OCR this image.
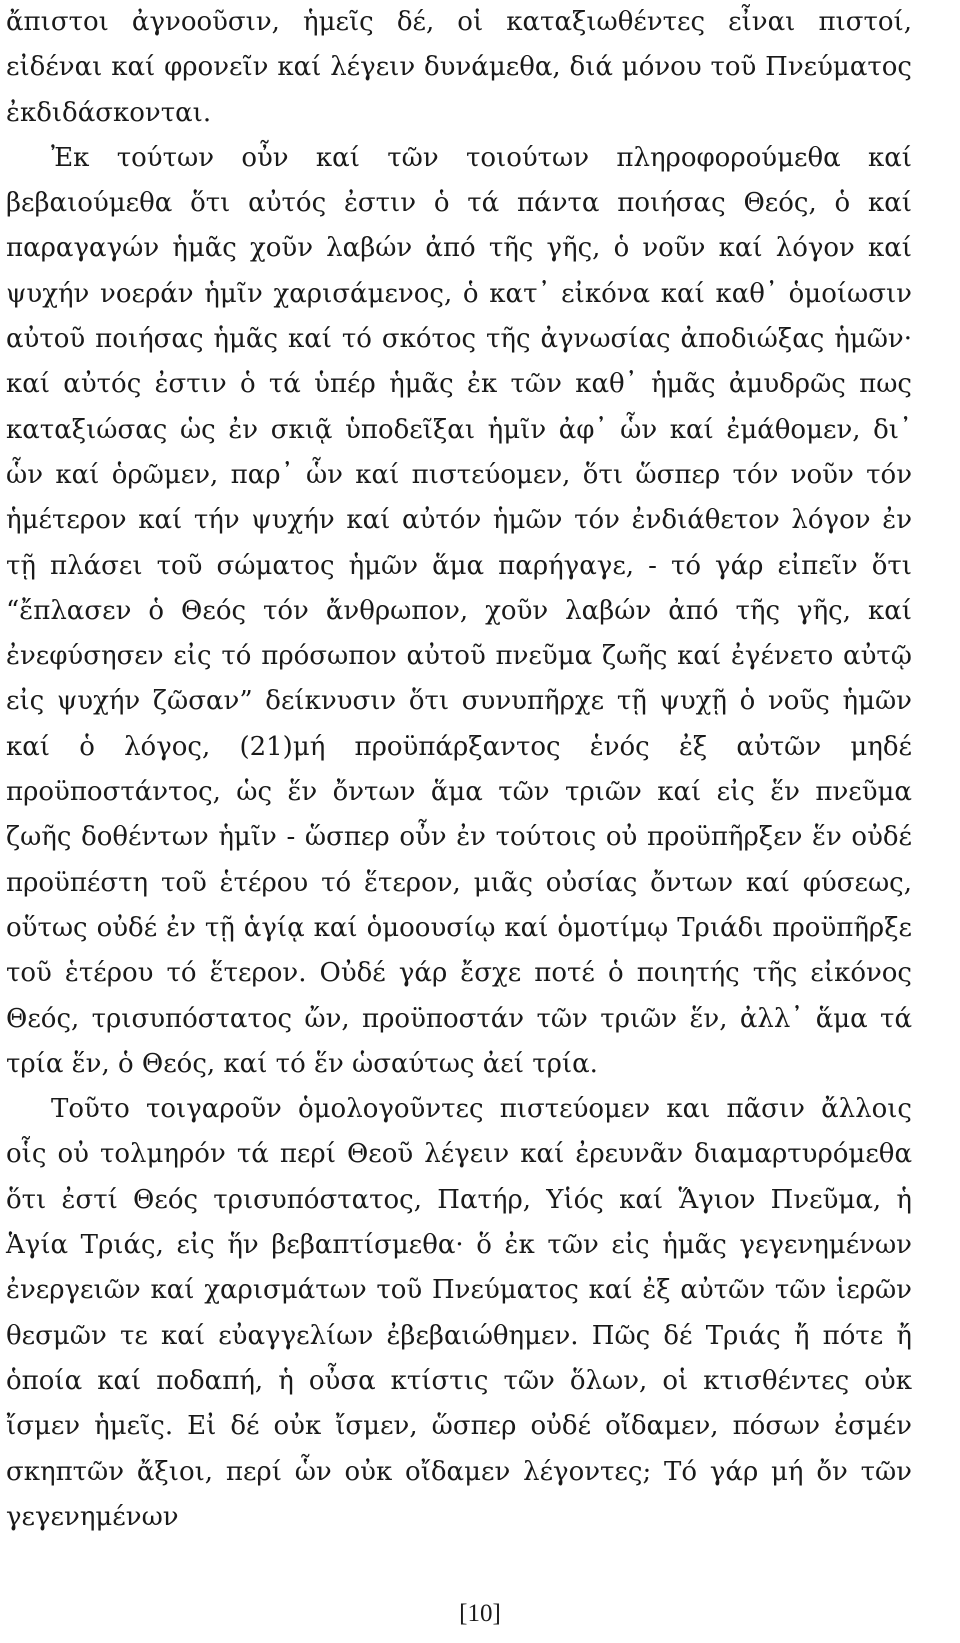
ἄπιστοι ἀγνοοῦσιν, ἡμεῖς δέ, οἱ καταξιωθέντες εἶναι πιστοί, εἰδέναι καί φρονεῖν καί λέγειν δυνάμεθα, διά μόνου τοῦ Πνεύματος ἐκδιδάσκονται.

Ἐκ τούτων οὖν καί τῶν τοιούτων πληροφορούμεθα καί βεβαιούμεθα ὅτι αὐτός ἐστιν ὁ τά πάντα ποιήσας Θεός, ὁ καί παραγαγών ἡμᾶς χοῦν λαβών ἀπό τῆς γῆς, ὁ νοῦν καί λόγον καί ψυχήν νοεράν ἡμῖν χαρισάμενος, ὁ κατ᾽ εἰκόνα καί καθ᾽ ὁμοίωσιν αὐτοῦ ποιήσας ἡμᾶς καί τό σκότος τῆς ἀγνωσίας ἀποδιώξας ἡμῶν· καί αὐτός ἐστιν ὁ τά ὑπέρ ἡμᾶς ἐκ τῶν καθ᾽ ἡμᾶς ἀμυδρῶς πως καταξιώσας ὡς ἐν σκιᾷ ὑποδεῖξαι ἡμῖν ἀφ᾽ ὧν καί ἐμάθομεν, δι᾽ ὧν καί ὁρῶμεν, παρ᾽ ὧν καί πιστεύομεν, ὅτι ὥσπερ τόν νοῦν τόν ἡμέτερον καί τήν ψυχήν καί αὐτόν ἡμῶν τόν ἐνδιάθετον λόγον ἐν τῇ πλάσει τοῦ σώματος ἡμῶν ἅμα παρήγαγε, - τό γάρ εἰπεῖν ὅτι “ἔπλασεν ὁ Θεός τόν ἄνθρωπον, χοῦν λαβών ἀπό τῆς γῆς, καί ἐνεφύσησεν εἰς τό πρόσωπον αὐτοῦ πνεῦμα ζωῆς καί ἐγένετο αὐτῷ εἰς ψυχήν ζῶσαν” δείκνυσιν ὅτι συνυπῆρχε τῇ ψυχῇ ὁ νοῦς ἡμῶν καί ὁ λόγος, (21)μή προϋπάρξαντος ἑνός ἐξ αὐτῶν μηδέ προϋποστάντος, ὡς ἕν ὄντων ἅμα τῶν τριῶν καί εἰς ἕν πνεῦμα ζωῆς δοθέντων ἡμῖν - ὥσπερ οὖν ἐν τούτοις οὐ προϋπῆρξεν ἕν οὐδέ προϋπέστη τοῦ ἑτέρου τό ἕτερον, μιᾶς οὐσίας ὄντων καί φύσεως, οὕτως οὐδέ ἐν τῇ ἁγίᾳ καί ὁμοουσίῳ καί ὁμοτίμῳ Τριάδι προϋπῆρξε τοῦ ἑτέρου τό ἕτερον. Οὐδέ γάρ ἔσχε ποτέ ὁ ποιητής τῆς εἰκόνος Θεός, τρισυπόστατος ὤν, προϋποστάν τῶν τριῶν ἕν, ἀλλ᾽ ἅμα τά τρία ἕν, ὁ Θεός, καί τό ἕν ὡσαύτως ἀεί τρία.

Τοῦτο τοιγαροῦν ὁμολογοῦντες πιστεύομεν και πᾶσιν ἄλλοις οἷς οὐ τολμηρόν τά περί Θεοῦ λέγειν καί ἐρευνᾶν διαμαρτυρόμεθα ὅτι ἐστί Θεός τρισυπόστατος, Πατήρ, Υἱός καί Ἅγιον Πνεῦμα, ἡ Ἁγία Τριάς, εἰς ἥν βεβαπτίσμεθα· ὅ ἐκ τῶν εἰς ἡμᾶς γεγενημένων ἐνεργειῶν καί χαρισμάτων τοῦ Πνεύματος καί ἐξ αὐτῶν τῶν ἱερῶν θεσμῶν τε καί εὐαγγελίων ἐβεβαιώθημεν. Πῶς δέ Τριάς ἤ πότε ἤ ὁποία καί ποδαπή, ἡ οὖσα κτίστις τῶν ὅλων, οἱ κτισθέντες οὐκ ἴσμεν ἡμεῖς. Εἰ δέ οὐκ ἴσμεν, ὥσπερ οὐδέ οἴδαμεν, πόσων ἐσμέν σκηπτῶν ἄξιοι, περί ὧν οὐκ οἴδαμεν λέγοντες; Τό γάρ μή ὄν τῶν γεγενημένων

[10]
